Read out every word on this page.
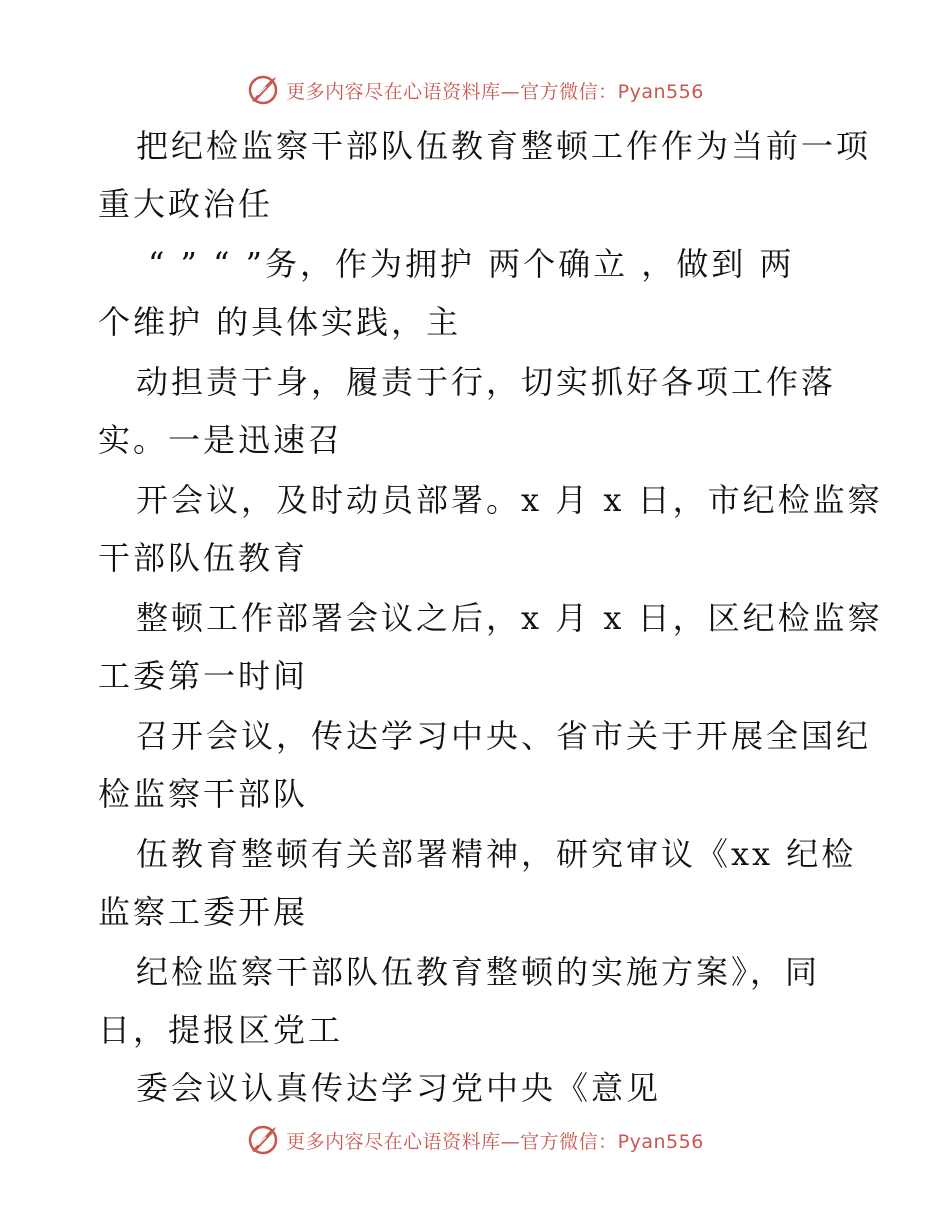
更多内容尽在心语资料库—官方微信：Pyan556
把纪检监察干部队伍教育整顿工作作为当前一项
重大政治任
“ ” “ ”务，作为拥护 两个确立 ，做到 两
个维护 的具体实践，主
动担责于身，履责于行，切实抓好各项工作落
实。一是迅速召
开会议，及时动员部署。x 月 x 日，市纪检监察
干部队伍教育
整顿工作部署会议之后，x 月 x 日，区纪检监察
工委第一时间
召开会议，传达学习中央、省市关于开展全国纪
检监察干部队
伍教育整顿有关部署精神，研究审议《xx 纪检
监察工委开展
纪检监察干部队伍教育整顿的实施方案》，同
日，提报区党工
委会议认真传达学习党中央《意见
更多内容尽在心语资料库—官方微信：Pyan556
